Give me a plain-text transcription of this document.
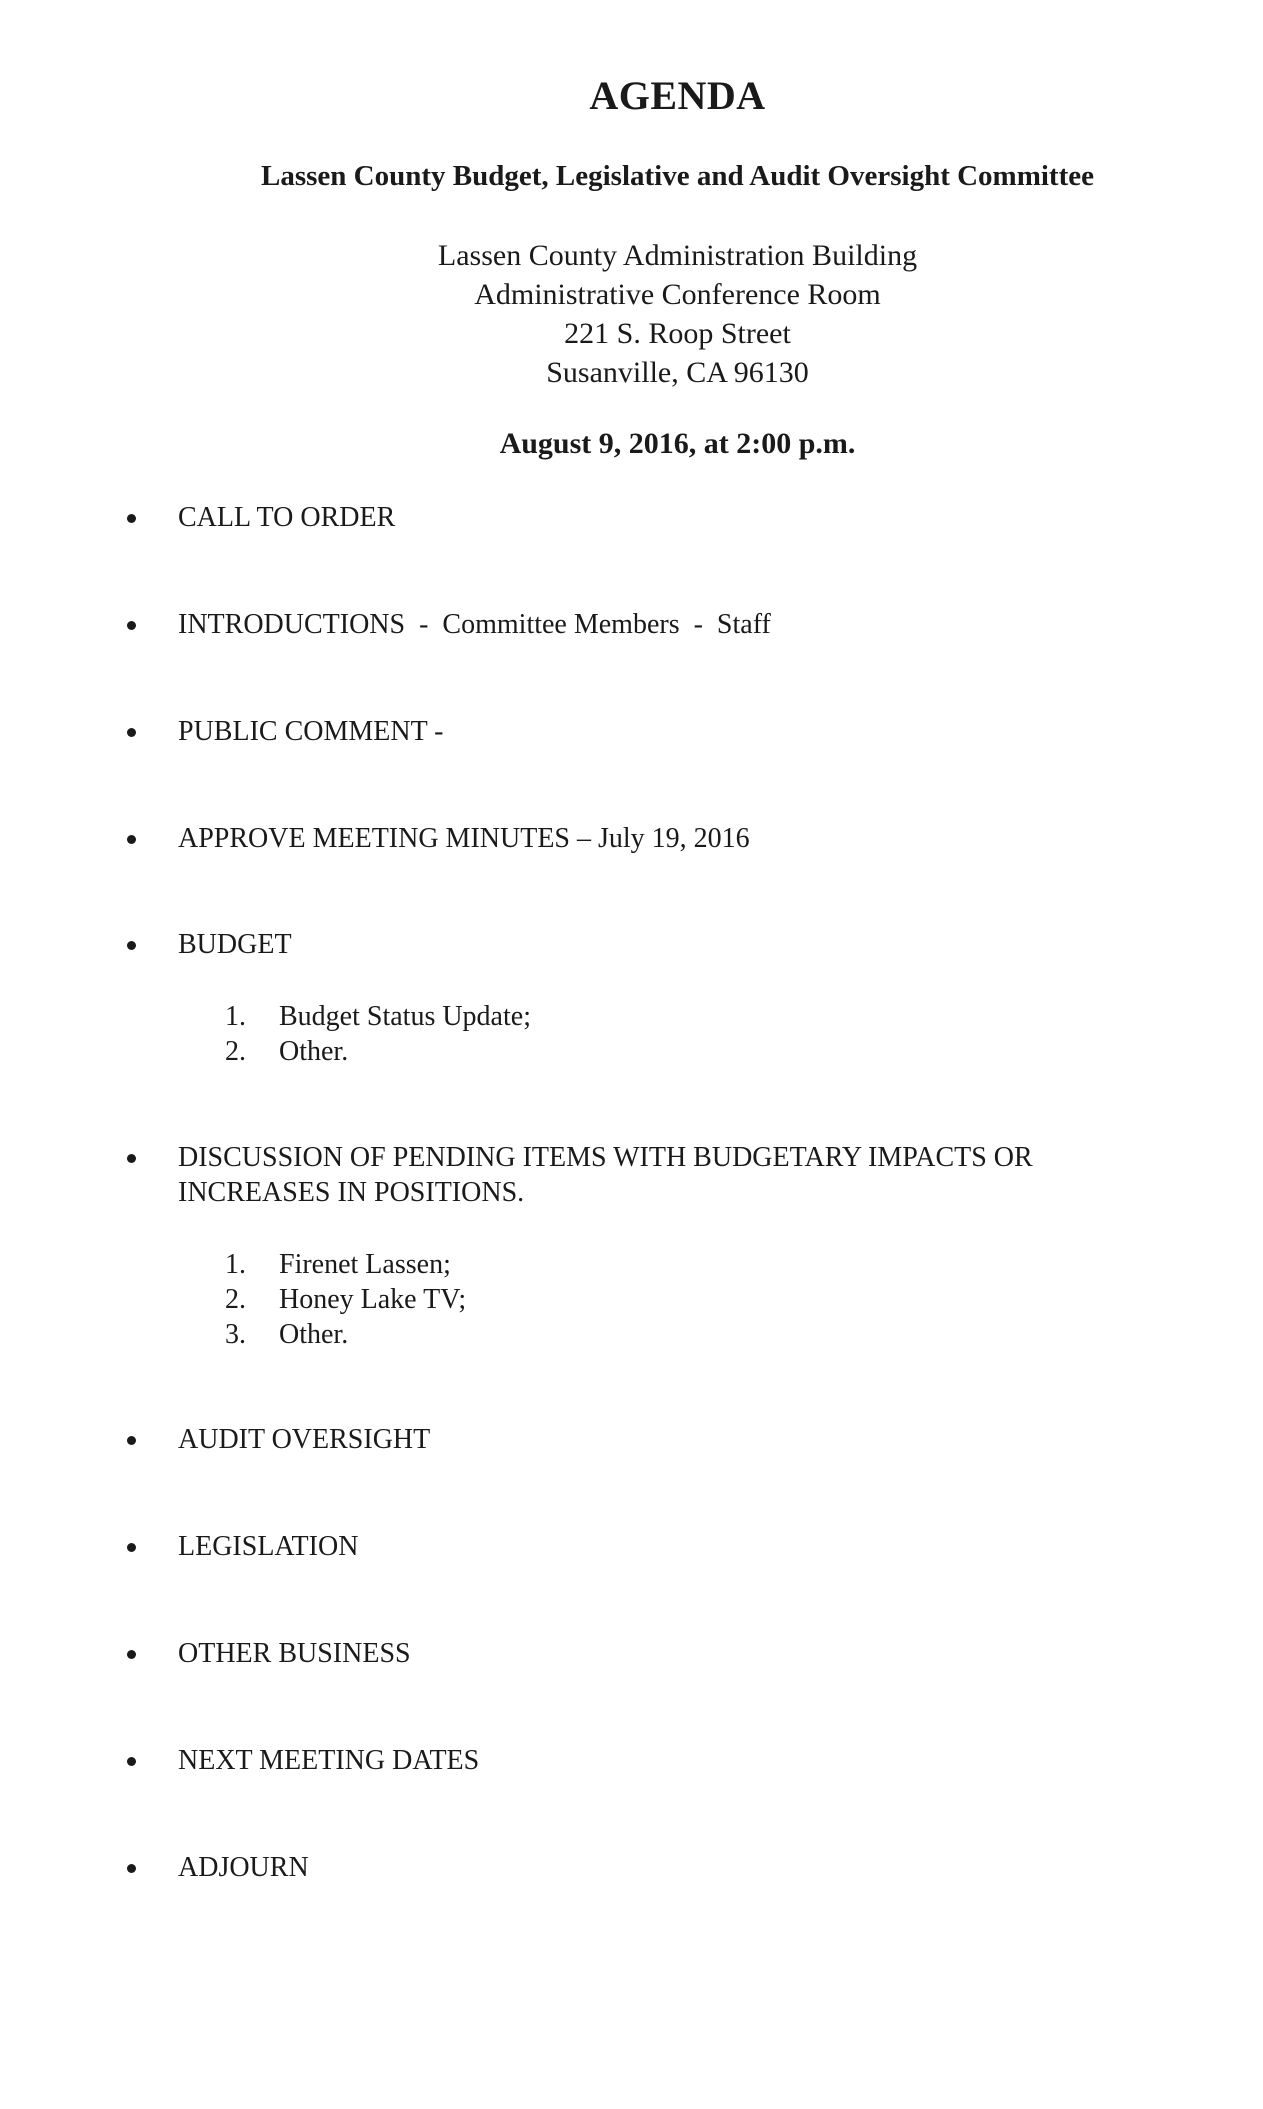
AGENDA
Lassen County Budget, Legislative and Audit Oversight Committee
Lassen County Administration Building
Administrative Conference Room
221 S. Roop Street
Susanville, CA 96130
August 9, 2016, at 2:00 p.m.
CALL TO ORDER
INTRODUCTIONS  -  Committee Members  -  Staff
PUBLIC COMMENT -
APPROVE MEETING MINUTES – July 19, 2016
BUDGET
1.	Budget Status Update;
2.	Other.
DISCUSSION OF PENDING ITEMS WITH BUDGETARY IMPACTS OR INCREASES IN POSITIONS.
1.	Firenet Lassen;
2.	Honey Lake TV;
3.	Other.
AUDIT OVERSIGHT
LEGISLATION
OTHER BUSINESS
NEXT MEETING DATES
ADJOURN
